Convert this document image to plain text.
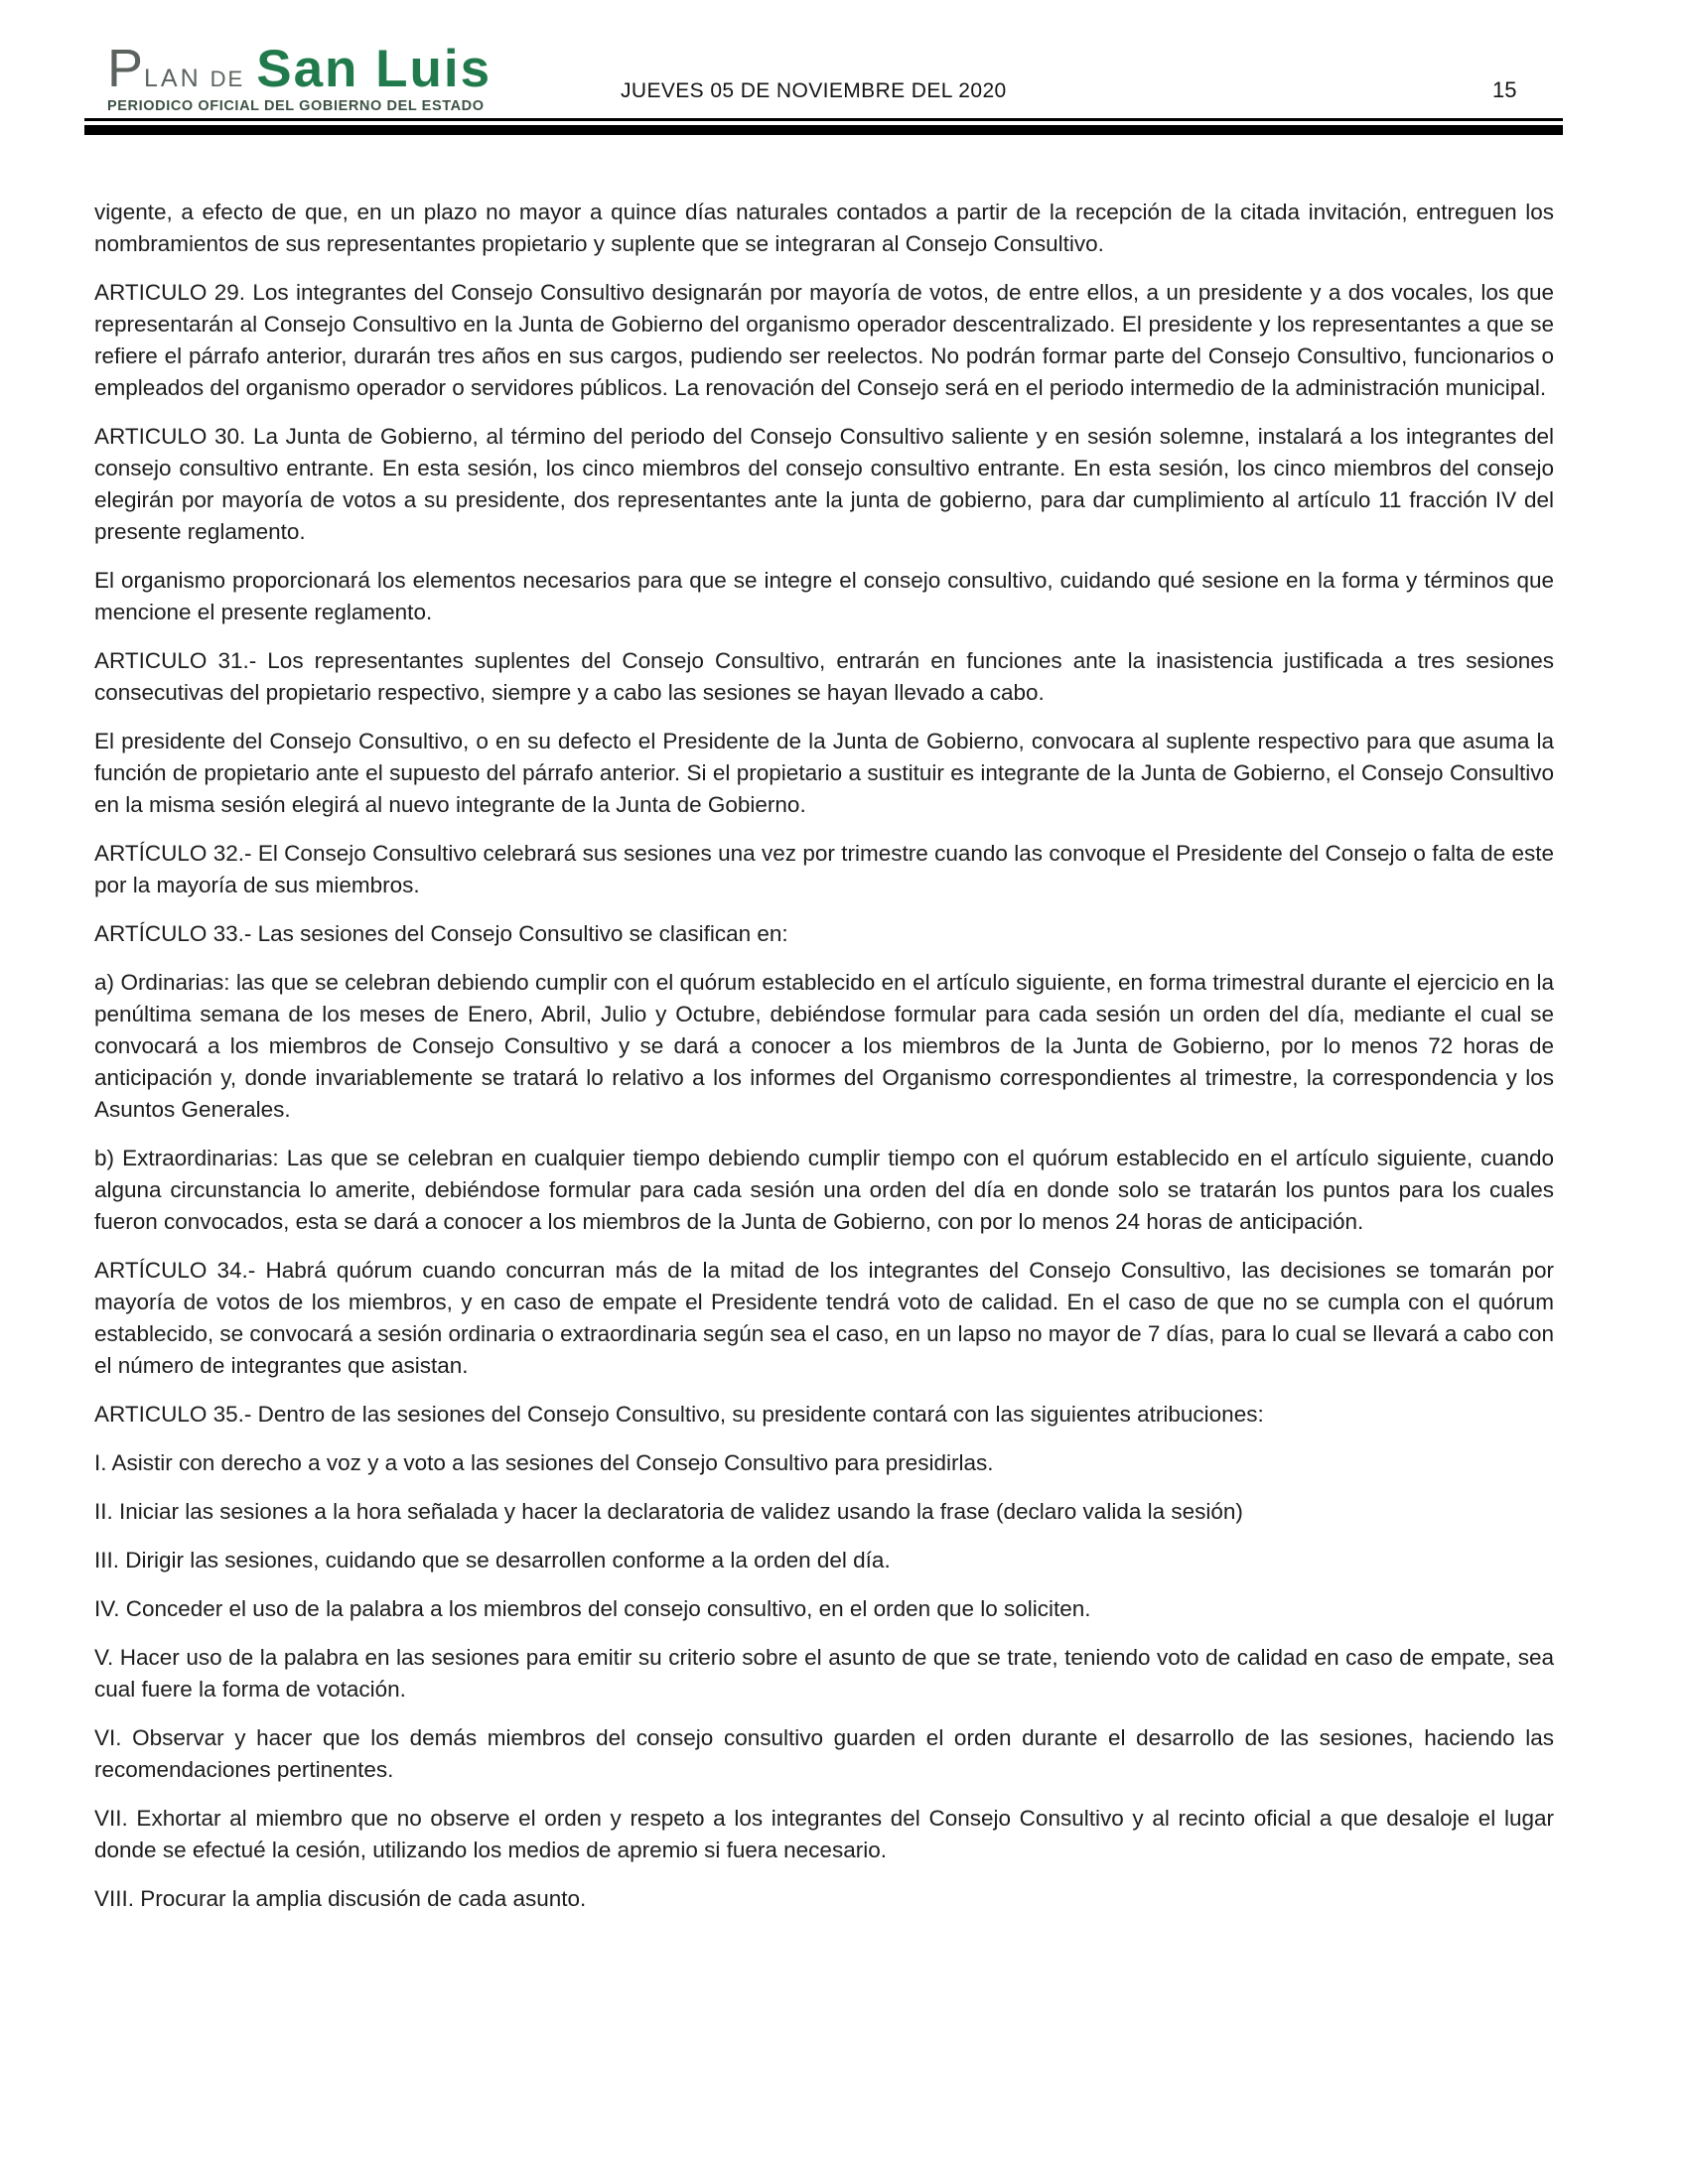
P LAN DE San Luis
PERIODICO OFICIAL DEL GOBIERNO DEL ESTADO
JUEVES 05 DE NOVIEMBRE DEL 2020	15

vigente, a efecto de que, en un plazo no mayor a quince días naturales contados a partir de la recepción de la citada invitación, entreguen los nombramientos de sus representantes propietario y suplente que se integraran al Consejo Consultivo.

ARTICULO 29. Los integrantes del Consejo Consultivo designarán por mayoría de votos, de entre ellos, a un presidente y a dos vocales, los que representarán al Consejo Consultivo en la Junta de Gobierno del organismo operador descentralizado. El presidente y los representantes a que se refiere el párrafo anterior, durarán tres años en sus cargos, pudiendo ser reelectos. No podrán formar parte del Consejo Consultivo, funcionarios o empleados del organismo operador o servidores públicos. La renovación del Consejo será en el periodo intermedio de la administración municipal.

ARTICULO 30. La Junta de Gobierno, al término del periodo del Consejo Consultivo saliente y en sesión solemne, instalará a los integrantes del consejo consultivo entrante. En esta sesión, los cinco miembros del consejo consultivo entrante. En esta sesión, los cinco miembros del consejo elegirán por mayoría de votos a su presidente, dos representantes ante la junta de gobierno, para dar cumplimiento al artículo 11 fracción IV del presente reglamento.

El organismo proporcionará los elementos necesarios para que se integre el consejo consultivo, cuidando qué sesione en la forma y términos que mencione el presente reglamento.

ARTICULO 31.- Los representantes suplentes del Consejo Consultivo, entrarán en funciones ante la inasistencia justificada a tres sesiones consecutivas del propietario respectivo, siempre y a cabo las sesiones se hayan llevado a cabo.

El presidente del Consejo Consultivo, o en su defecto el Presidente de la Junta de Gobierno, convocara al suplente respectivo para que asuma la función de propietario ante el supuesto del párrafo anterior. Si el propietario a sustituir es integrante de la Junta de Gobierno, el Consejo Consultivo en la misma sesión elegirá al nuevo integrante de la Junta de Gobierno.

ARTÍCULO 32.- El Consejo Consultivo celebrará sus sesiones una vez por trimestre cuando las convoque el Presidente del Consejo o falta de este por la mayoría de sus miembros.

ARTÍCULO 33.- Las sesiones del Consejo Consultivo se clasifican en:

a) Ordinarias: las que se celebran debiendo cumplir con el quórum establecido en el artículo siguiente, en forma trimestral durante el ejercicio en la penúltima semana de los meses de Enero, Abril, Julio y Octubre, debiéndose formular para cada sesión un orden del día, mediante el cual se convocará a los miembros de Consejo Consultivo y se dará a conocer a los miembros de la Junta de Gobierno, por lo menos 72 horas de anticipación y, donde invariablemente se tratará lo relativo a los informes del Organismo correspondientes al trimestre, la correspondencia y los Asuntos Generales.

b) Extraordinarias: Las que se celebran en cualquier tiempo debiendo cumplir tiempo con el quórum establecido en el artículo siguiente, cuando alguna circunstancia lo amerite, debiéndose formular para cada sesión una orden del día en donde solo se tratarán los puntos para los cuales fueron convocados, esta se dará a conocer a los miembros de la Junta de Gobierno, con por lo menos 24 horas de anticipación.

ARTÍCULO 34.- Habrá quórum cuando concurran más de la mitad de los integrantes del Consejo Consultivo, las decisiones se tomarán por mayoría de votos de los miembros, y en caso de empate el Presidente tendrá voto de calidad. En el caso de que no se cumpla con el quórum establecido, se convocará a sesión ordinaria o extraordinaria según sea el caso, en un lapso no mayor de 7 días, para lo cual se llevará a cabo con el número de integrantes que asistan.

ARTICULO 35.- Dentro de las sesiones del Consejo Consultivo, su presidente contará con las siguientes atribuciones:

I. Asistir con derecho a voz y a voto a las sesiones del Consejo Consultivo para presidirlas.

II. Iniciar las sesiones a la hora señalada y hacer la declaratoria de validez usando la frase (declaro valida la sesión)

III. Dirigir las sesiones, cuidando que se desarrollen conforme a la orden del día.

IV. Conceder el uso de la palabra a los miembros del consejo consultivo, en el orden que lo soliciten.

V. Hacer uso de la palabra en las sesiones para emitir su criterio sobre el asunto de que se trate, teniendo voto de calidad en caso de empate, sea cual fuere la forma de votación.

VI. Observar y hacer que los demás miembros del consejo consultivo guarden el orden durante el desarrollo de las sesiones, haciendo las recomendaciones pertinentes.

VII. Exhortar al miembro que no observe el orden y respeto a los integrantes del Consejo Consultivo y al recinto oficial a que desaloje el lugar donde se efectué la cesión, utilizando los medios de apremio si fuera necesario.

VIII. Procurar la amplia discusión de cada asunto.
